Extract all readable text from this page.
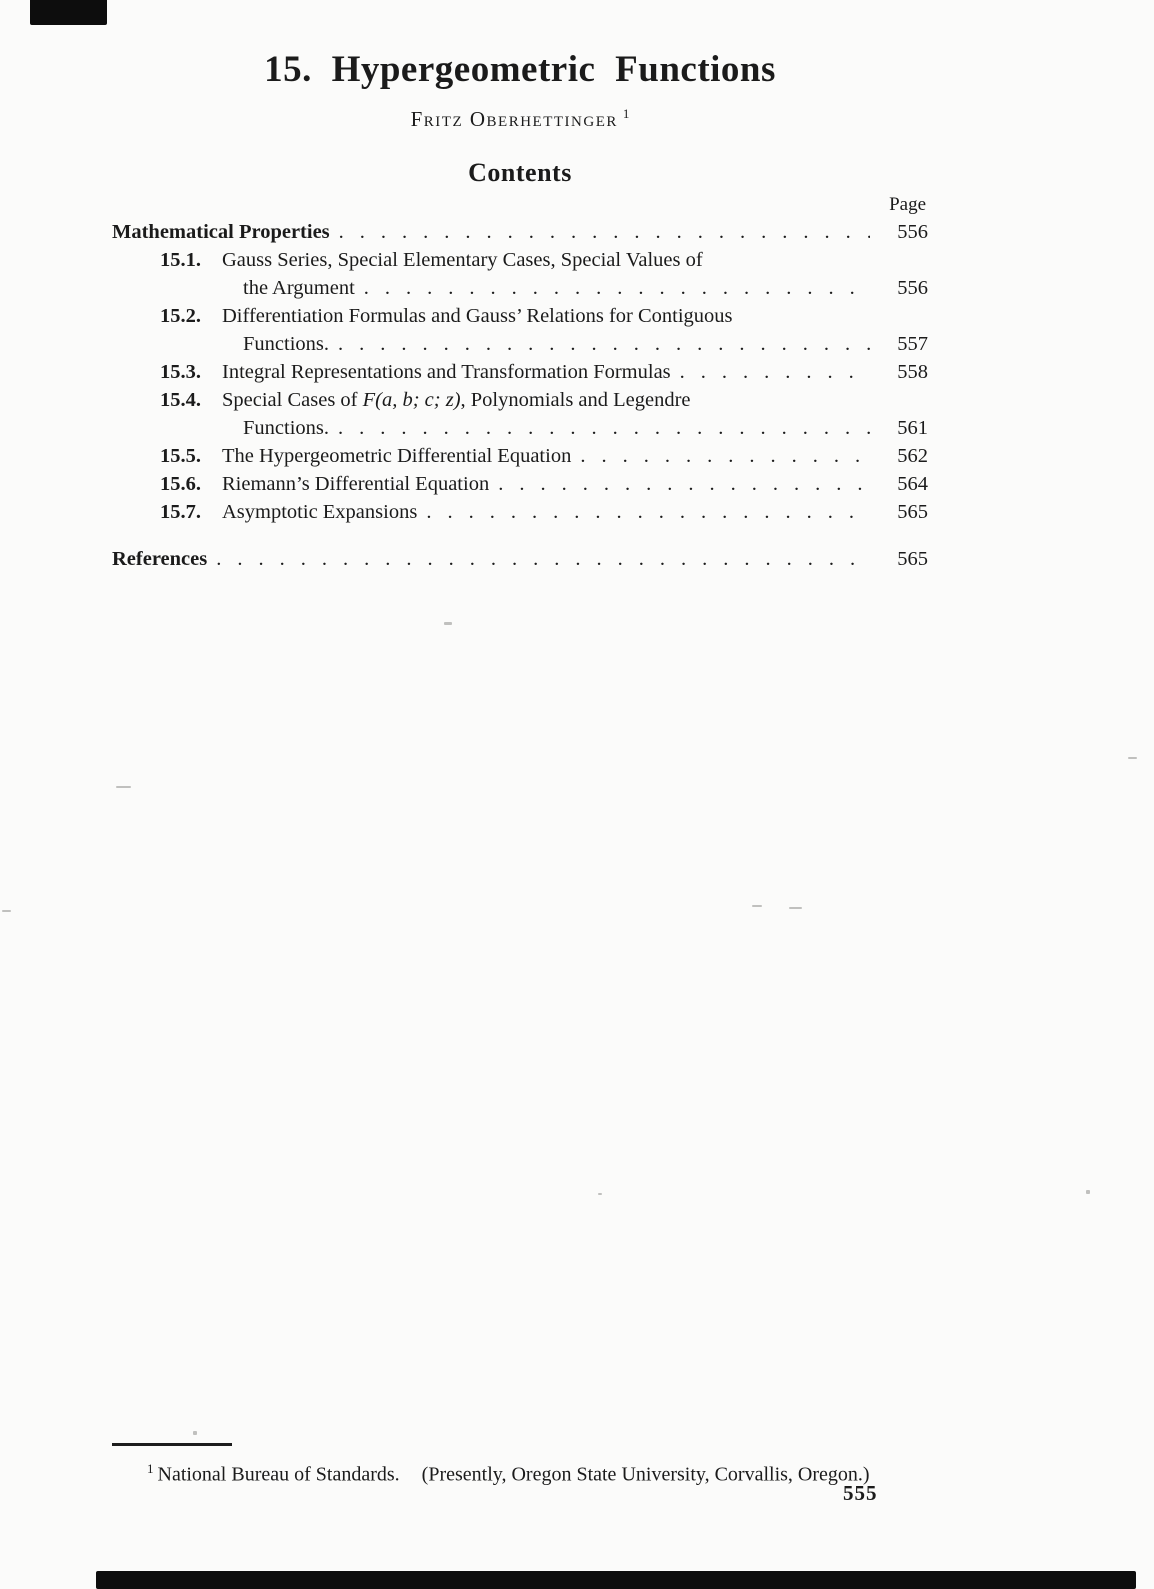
15. Hypergeometric Functions
Fritz Oberhettinger $^1$
Contents
Page
Mathematical Properties .....	556
15.1.	Gauss Series, Special Elementary Cases, Special Values of
the Argument .....	556
15.2.	Differentiation Formulas and Gauss’ Relations for Contiguous
Functions. .....	557
15.3.	Integral Representations and Transformation Formulas .....	558
15.4.	Special Cases of F(a, b; c; z), Polynomials and Legendre
Functions. .....	561
15.5.	The Hypergeometric Differential Equation .....	562
15.6.	Riemann’s Differential Equation .....	564
15.7.	Asymptotic Expansions .....	565
References .....	565
$^1$ National Bureau of Standards. (Presently, Oregon State University, Corvallis, Oregon.)
555
